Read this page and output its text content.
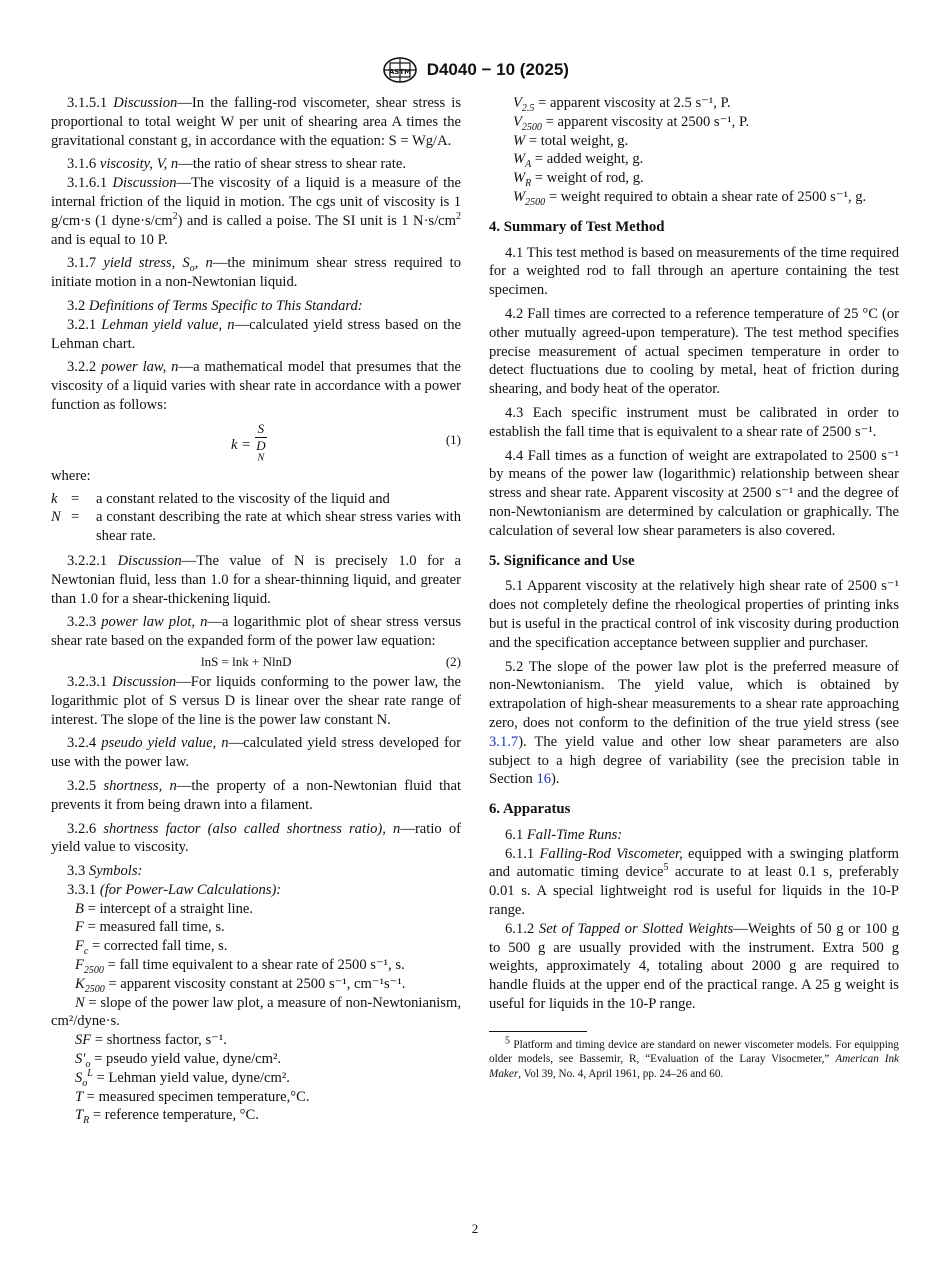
ASTM D4040 − 10 (2025)

3.1.5.1 Discussion—In the falling-rod viscometer, shear stress is proportional to total weight W per unit of shearing area A times the gravitational constant g, in accordance with the equation: S = Wg/A.

3.1.6 viscosity, V, n—the ratio of shear stress to shear rate.

3.1.6.1 Discussion—The viscosity of a liquid is a measure of the internal friction of the liquid in motion. The cgs unit of viscosity is 1 g/cm·s (1 $dyne\cdot s/cm^2$) and is called a poise. The SI unit is 1 $N\cdot s/cm^2$ and is equal to 10 P.

3.1.7 yield stress, $S_o$, n—the minimum shear stress required to initiate motion in a non-Newtonian liquid.

3.2 Definitions of Terms Specific to This Standard:

3.2.1 Lehman yield value, n—calculated yield stress based on the Lehman chart.

3.2.2 power law, n—a mathematical model that presumes that the viscosity of a liquid varies with shear rate in accordance with a power function as follows:

k = S
D
$^N$	(1)
where:
k =	a constant related to the viscosity of the liquid and
N =	a constant describing the rate at which shear stress varies with shear rate.

3.2.2.1 Discussion—The value of N is precisely 1.0 for a Newtonian fluid, less than 1.0 for a shear-thinning liquid, and greater than 1.0 for a shear-thickening liquid.

3.2.3 power law plot, n—a logarithmic plot of shear stress versus shear rate based on the expanded form of the power law equation:

lnS = lnk + NlnD	(2)

3.2.3.1 Discussion—For liquids conforming to the power law, the logarithmic plot of S versus D is linear over the shear rate range of interest. The slope of the line is the power law constant N.

3.2.4 pseudo yield value, n—calculated yield stress developed for use with the power law.

3.2.5 shortness, n—the property of a non-Newtonian fluid that prevents it from being drawn into a filament.

3.2.6 shortness factor (also called shortness ratio), n—ratio of yield value to viscosity.

3.3 Symbols:

3.3.1 (for Power-Law Calculations):

B = intercept of a straight line.
F = measured fall time, s.
$F_c$ = corrected fall time, s.
$F_{2500}$ = fall time equivalent to a shear rate of 2500 s⁻¹, s.
$K_{2500}$ = apparent viscosity constant at 2500 s⁻¹, cm⁻¹s⁻¹.
N = slope of the power law plot, a measure of non-Newtonianism, cm²/dyne·s.
SF = shortness factor, s⁻¹.
$S'_o$ = pseudo yield value, dyne/cm².
$S_o^L$ = Lehman yield value, dyne/cm².
T = measured specimen temperature,°C.
$T_R$ = reference temperature, °C.
$V_{2.5}$ = apparent viscosity at 2.5 s⁻¹, P.
$V_{2500}$ = apparent viscosity at 2500 s⁻¹, P.
W = total weight, g.
$W_A$ = added weight, g.
$W_R$ = weight of rod, g.
$W_{2500}$ = weight required to obtain a shear rate of 2500 s⁻¹, g.
4. Summary of Test Method

4.1 This test method is based on measurements of the time required for a weighted rod to fall through an aperture containing the test specimen.

4.2 Fall times are corrected to a reference temperature of 25 °C (or other mutually agreed-upon temperature). The test method specifies precise measurement of actual specimen temperature in order to detect fluctuations due to cooling by metal, heat of friction during shearing, and body heat of the operator.

4.3 Each specific instrument must be calibrated in order to establish the fall time that is equivalent to a shear rate of 2500 s⁻¹.

4.4 Fall times as a function of weight are extrapolated to 2500 s⁻¹ by means of the power law (logarithmic) relationship between shear stress and shear rate. Apparent viscosity at 2500 s⁻¹ and the degree of non-Newtonianism are determined by calculation or graphically. The calculation of several low shear parameters is also covered.

5. Significance and Use

5.1 Apparent viscosity at the relatively high shear rate of 2500 s⁻¹ does not completely define the rheological properties of printing inks but is useful in the practical control of ink viscosity during production and the specification acceptance between supplier and purchaser.

5.2 The slope of the power law plot is the preferred measure of non-Newtonianism. The yield value, which is obtained by extrapolation of high-shear measurements to a shear rate approaching zero, does not conform to the definition of the true yield stress (see 3.1.7). The yield value and other low shear parameters are also subject to a high degree of variability (see the precision table in Section 16).

6. Apparatus

6.1 Fall-Time Runs:

6.1.1 Falling-Rod Viscometer, equipped with a swinging platform and automatic timing device$^5$ accurate to at least 0.1 s, preferably 0.01 s. A special lightweight rod is useful for liquids in the 10-P range.

6.1.2 Set of Tapped or Slotted Weights—Weights of 50 g or 100 g to 500 g are usually provided with the instrument. Extra 500 g weights, approximately 4, totaling about 2000 g are required to handle fluids at the upper end of the practical range. A 25 g weight is useful for liquids in the 10-P range.

$^5$ Platform and timing device are standard on newer viscometer models. For equipping older models, see Bassemir, R, “Evaluation of the Laray Visocmeter,” American Ink Maker, Vol 39, No. 4, April 1961, pp. 24–26 and 60.

2
